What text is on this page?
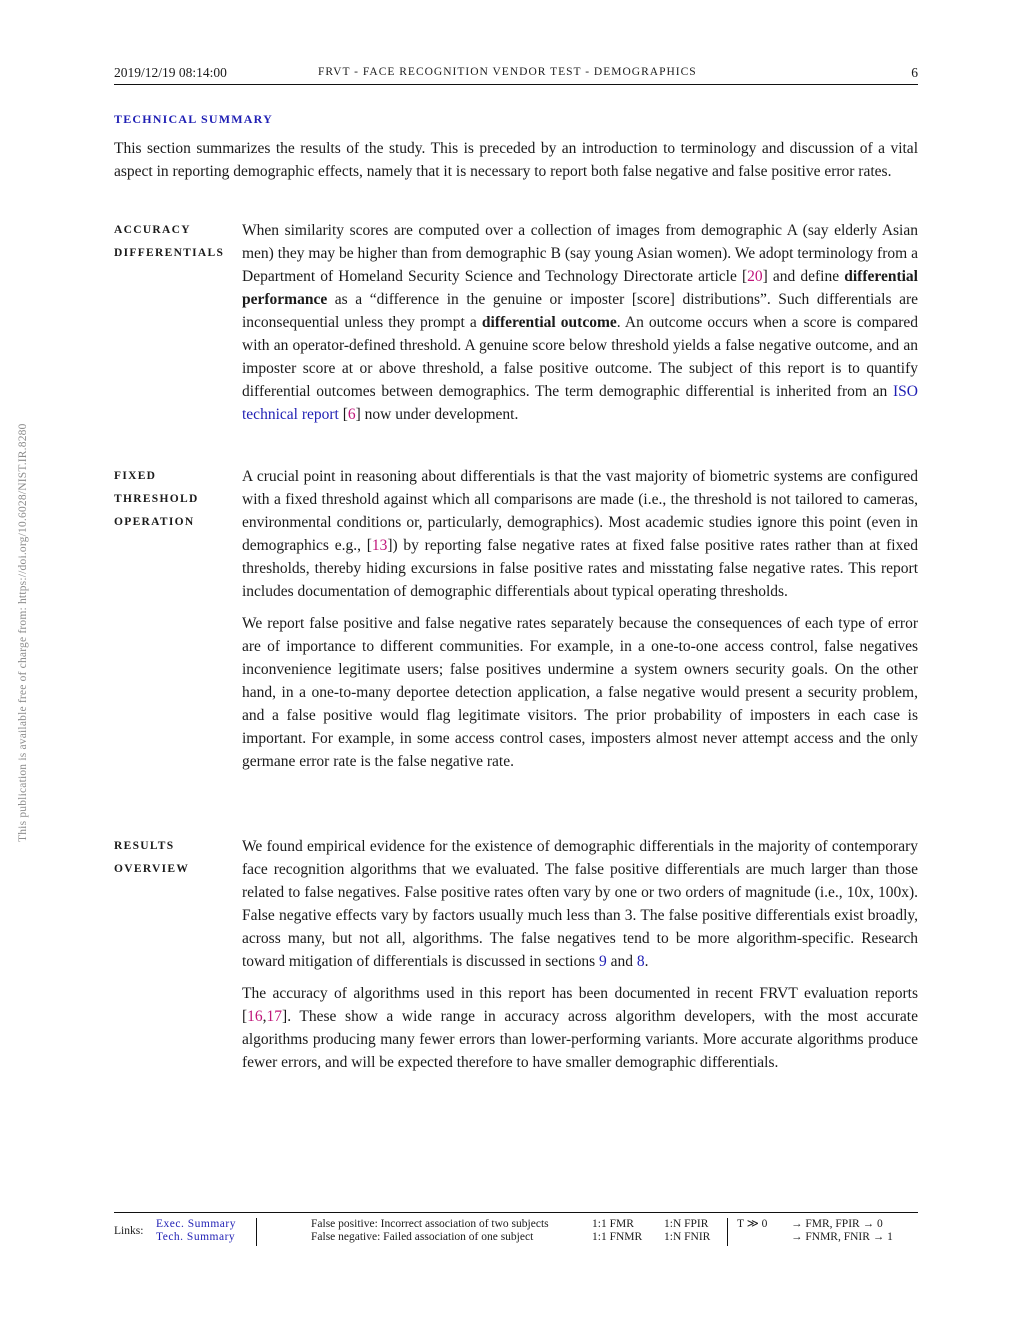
This publication is available free of charge from: https://doi.org/10.6028/NIST.IR.8280
2019/12/19 08:14:00	FRVT - FACE RECOGNITION VENDOR TEST - DEMOGRAPHICS	6
TECHNICAL SUMMARY

This section summarizes the results of the study. This is preceded by an introduction to terminology and discussion of a vital aspect in reporting demographic effects, namely that it is necessary to report both false negative and false positive error rates.

ACCURACY
DIFFERENTIALS

When similarity scores are computed over a collection of images from demographic A (say elderly Asian men) they may be higher than from demographic B (say young Asian women). We adopt terminology from a Department of Homeland Security Science and Technology Directorate article [20] and define differential performance as a “difference in the genuine or imposter [score] distributions”. Such differentials are inconsequential unless they prompt a differential outcome. An outcome occurs when a score is compared with an operator-defined threshold. A genuine score below threshold yields a false negative outcome, and an imposter score at or above threshold, a false positive outcome. The subject of this report is to quantify differential outcomes between demographics. The term demographic differential is inherited from an ISO technical report [6] now under development.

FIXED
THRESHOLD
OPERATION

A crucial point in reasoning about differentials is that the vast majority of biometric systems are configured with a fixed threshold against which all comparisons are made (i.e., the threshold is not tailored to cameras, environmental conditions or, particularly, demographics). Most academic studies ignore this point (even in demographics e.g., [13]) by reporting false negative rates at fixed false positive rates rather than at fixed thresholds, thereby hiding excursions in false positive rates and misstating false negative rates. This report includes documentation of demographic differentials about typical operating thresholds.

We report false positive and false negative rates separately because the consequences of each type of error are of importance to different communities. For example, in a one-to-one access control, false negatives inconvenience legitimate users; false positives undermine a system owners security goals. On the other hand, in a one-to-many deportee detection application, a false negative would present a security problem, and a false positive would flag legitimate visitors. The prior probability of imposters in each case is important. For example, in some access control cases, imposters almost never attempt access and the only germane error rate is the false negative rate.

RESULTS
OVERVIEW

We found empirical evidence for the existence of demographic differentials in the majority of contemporary face recognition algorithms that we evaluated. The false positive differentials are much larger than those related to false negatives. False positive rates often vary by one or two orders of magnitude (i.e., 10x, 100x). False negative effects vary by factors usually much less than 3. The false positive differentials exist broadly, across many, but not all, algorithms. The false negatives tend to be more algorithm-specific. Research toward mitigation of differentials is discussed in sections 9 and 8.

The accuracy of algorithms used in this report has been documented in recent FRVT evaluation reports [16,17]. These show a wide range in accuracy across algorithm developers, with the most accurate algorithms producing many fewer errors than lower-performing variants. More accurate algorithms produce fewer errors, and will be expected therefore to have smaller demographic differentials.

Links:
Exec. Summary
Tech. Summary
False positive: Incorrect association of two subjects
False negative: Failed association of one subject
1:1 FMR
1:1 FNMR
1:N FPIR
1:N FNIR
T ≫ 0 → FMR, FPIR → 0
→ FNMR, FNIR → 1
